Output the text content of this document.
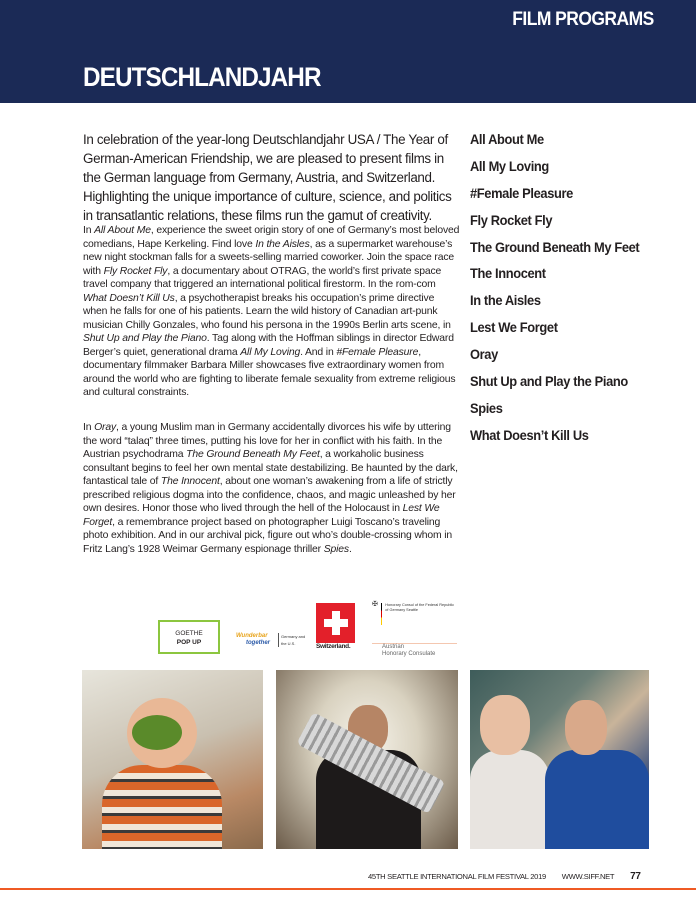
FILM PROGRAMS
DEUTSCHLANDJAHR

In celebration of the year-long Deutschlandjahr USA / The Year of German-American Friendship, we are pleased to present films in the German language from Germany, Austria, and Switzerland. Highlighting the unique importance of culture, science, and politics in transatlantic relations, these films run the gamut of creativity.

In All About Me, experience the sweet origin story of one of Germany’s most beloved comedians, Hape Kerkeling. Find love In the Aisles, as a supermarket warehouse’s new night stockman falls for a sweets-selling married coworker. Join the space race with Fly Rocket Fly, a documentary about OTRAG, the world’s first private space travel company that triggered an international political firestorm. In the rom-com What Doesn’t Kill Us, a psychotherapist breaks his occupation’s prime directive when he falls for one of his patients. Learn the wild history of Canadian art-punk musician Chilly Gonzales, who found his persona in the 1990s Berlin arts scene, in Shut Up and Play the Piano. Tag along with the Hoffman siblings in director Edward Berger’s quiet, generational drama All My Loving. And in #Female Pleasure, documentary filmmaker Barbara Miller showcases five extraordinary women from around the world who are fighting to liberate female sexuality from extreme religious and cultural constraints.

In Oray, a young Muslim man in Germany accidentally divorces his wife by uttering the word “talaq” three times, putting his love for her in conflict with his faith. In the Austrian psychodrama The Ground Beneath My Feet, a workaholic business consultant begins to feel her own mental state destabilizing. Be haunted by the dark, fantastical tale of The Innocent, about one woman’s awakening from a life of strictly prescribed religious dogma into the confidence, chaos, and magic unleashed by her own desires. Honor those who lived through the hell of the Holocaust in Lest We Forget, a remembrance project based on photographer Luigi Toscano’s traveling photo exhibition. And in our archival pick, figure out who’s double-crossing whom in Fritz Lang’s 1928 Weimar Germany espionage thriller Spies.

All About Me
All My Loving
#Female Pleasure
Fly Rocket Fly
The Ground Beneath My Feet
The Innocent
In the Aisles
Lest We Forget
Oray
Shut Up and Play the Piano
Spies
What Doesn’t Kill Us
GOETHE
POP UP
Wunderbar
together
Germany and the U.S.	Switzerland.
✠ Honorary Consul of the Federal Republic of Germany Seattle
Austrian
Honorary Consulate
45TH SEATTLE INTERNATIONAL FILM FESTIVAL 2019 WWW.SIFF.NET 77
